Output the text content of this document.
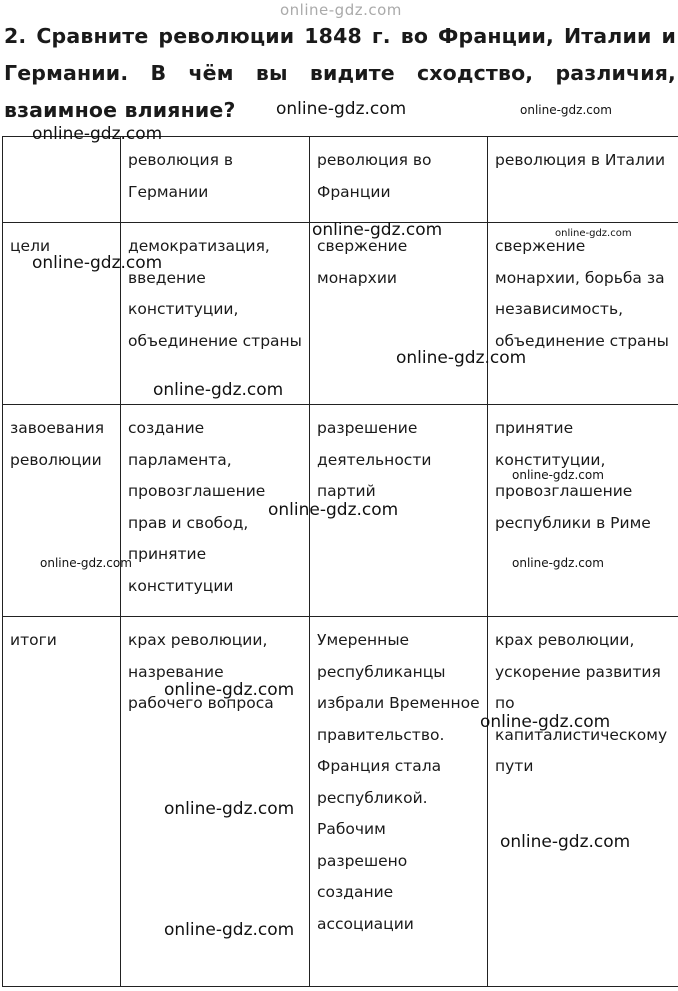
2. Сравните революции 1848 г. во Франции, Италии и Германии. В чём вы видите сходство, различия, взаимное влияние?

	революция в Германии	революция во Франции	революция в Италии
цели	демократизация, введение конституции, объединение страны	свержение монархии	свержение монархии, борьба за независимость, объединение страны
завоевания революции	создание парламента, провозглашение прав и свобод, принятие конституции	разрешение деятельности партий	принятие конституции, провозглашение республики в Риме
итоги	крах революции, назревание рабочего вопроса	Умеренные республиканцы избрали Временное правительство. Франция стала республикой. Рабочим разрешено создание ассоциации	крах революции, ускорение развития по капиталистическому пути
online-gdz.com
online-gdz.com	online-gdz.com
online-gdz.com
online-gdz.com	online-gdz.com
online-gdz.com
online-gdz.com
online-gdz.com
online-gdz.com
online-gdz.com
online-gdz.com	online-gdz.com
online-gdz.com
online-gdz.com
online-gdz.com
online-gdz.com
online-gdz.com
